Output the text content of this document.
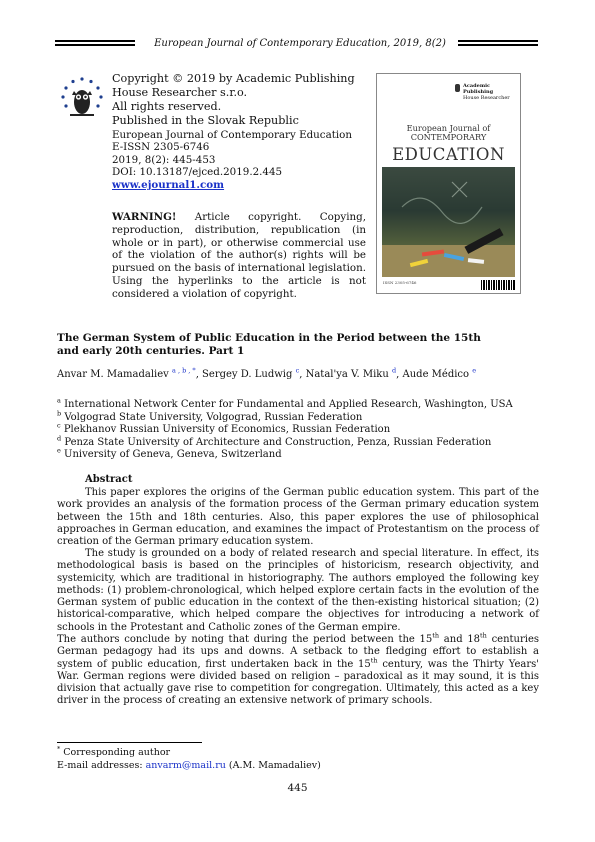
European Journal of Contemporary Education, 2019, 8(2)
Copyright © 2019 by Academic Publishing
House Researcher s.r.o.
All rights reserved.
Published in the Slovak Republic
European Journal of Contemporary Education
E-ISSN 2305-6746
2019, 8(2): 445-453
DOI: 10.13187/ejced.2019.2.445
www.ejournal1.com
WARNING! Article copyright. Copying, reproduction, distribution, republication (in whole or in part), or otherwise commercial use of the violation of the author(s) rights will be pursued on the basis of international legislation. Using the hyperlinks to the article is not considered a violation of copyright.
Academic Publishing
House Researcher
European Journal of
CONTEMPORARY
EDUCATION
ISSN 2305-6746
The German System of Public Education in the Period between the 15th
and early 20th centuries. Part 1
Anvar M. Mamadaliev $^{a , b , *}$, Sergey D. Ludwig $^c$, Natal'ya V. Miku $^d$, Aude Médico $^e$
$^a$ International Network Center for Fundamental and Applied Research, Washington, USA
$^b$ Volgograd State University, Volgograd, Russian Federation
$^c$ Plekhanov Russian University of Economics, Russian Federation
$^d$ Penza State University of Architecture and Construction, Penza, Russian Federation
$^e$ University of Geneva, Geneva, Switzerland
Abstract
This paper explores the origins of the German public education system. This part of the work provides an analysis of the formation process of the German primary education system between the 15th and 18th centuries. Also, this paper explores the use of philosophical approaches in German education, and examines the impact of Protestantism on the process of creation of the German primary education system.
The study is grounded on a body of related research and special literature. In effect, its methodological basis is based on the principles of historicism, research objectivity, and systemicity, which are traditional in historiography. The authors employed the following key methods: (1) problem-chronological, which helped explore certain facts in the evolution of the German system of public education in the context of the then-existing historical situation; (2) historical-comparative, which helped compare the objectives for introducing a network of schools in the Protestant and Catholic zones of the German empire.
The authors conclude by noting that during the period between the 15th and 18th centuries German pedagogy had its ups and downs. A setback to the fledging effort to establish a system of public education, first undertaken back in the 15th century, was the Thirty Years' War. German regions were divided based on religion – paradoxical as it may sound, it is this division that actually gave rise to competition for congregation. Ultimately, this acted as a key driver in the process of creating an extensive network of primary schools.
* Corresponding author
E-mail addresses: anvarm@mail.ru (A.M. Mamadaliev)
445
